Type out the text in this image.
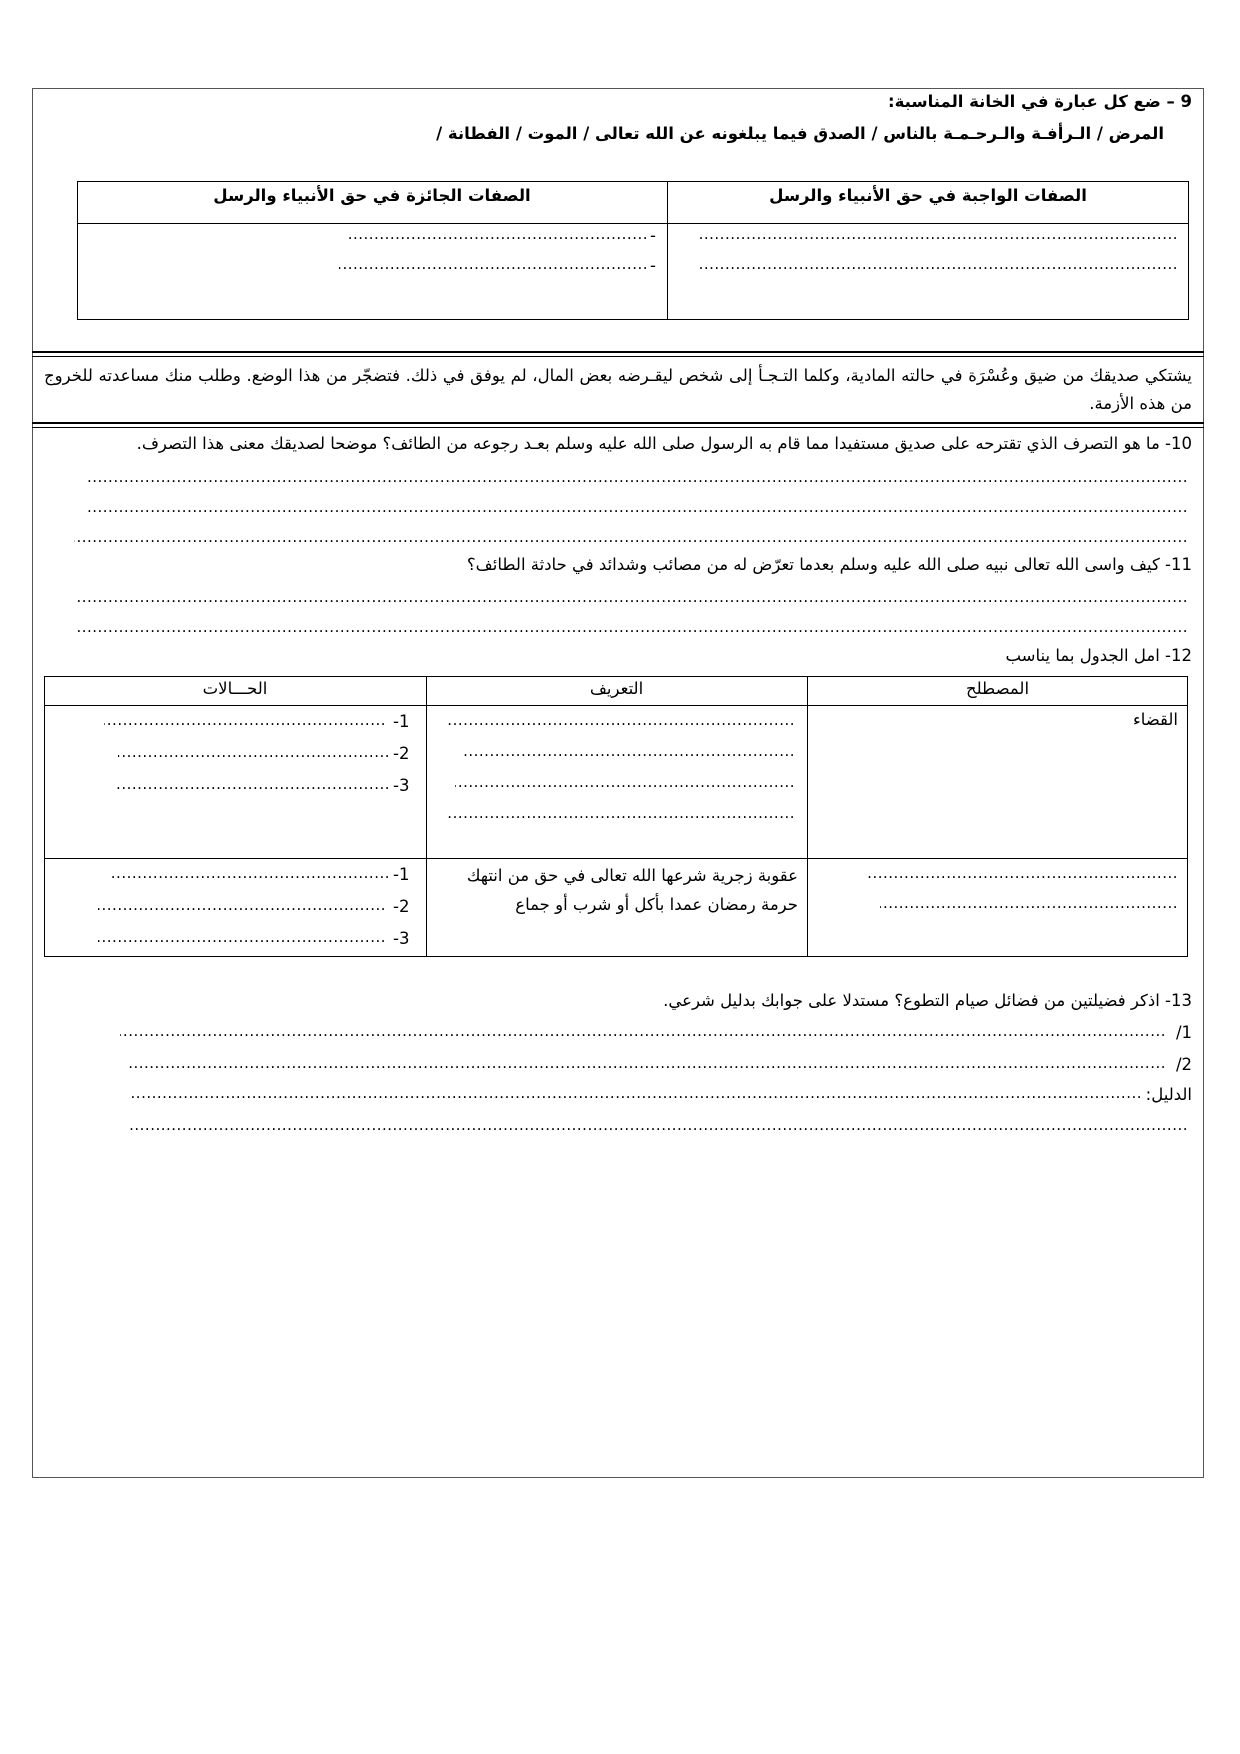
9 – ضع كل عبارة في الخانة المناسبة:
المرض / الـرأفـة والـرحـمـة بالناس / الصدق فيما يبلغونه عن الله تعالى / الموت / الفطانة /
الصفات الواجبة في حق الأنبياء والرسل
الصفات الجائزة في حق الأنبياء والرسل
.....
.....
-
.....
-
.....
يشتكي صديقك من ضيق وعُسْرَة في حالته المادية، وكلما التـجـأ إلى شخص ليقـرضه بعض المال، لم يوفق في ذلك. فتضجّر من هذا الوضع. وطلب منك مساعدته للخروج من هذه الأزمة.
10- ما هو التصرف الذي تقترحه على صديق مستفيدا مما قام به الرسول صلى الله عليه وسلم بعـد رجوعه من الطائف؟ موضحا لصديقك معنى هذا التصرف.
.....
.....
.....
11- كيف واسى الله تعالى نبيه صلى الله عليه وسلم بعدما تعرّض له من مصائب وشدائد في حادثة الطائف؟
.....
.....
12- امل الجدول بما يناسب
المصطلح
التعريف
الحـــالات
القضاء
.....
.....
.....
.....
1-
.....
2-
.....
3-
.....
.....
.....
عقوبة زجرية شرعها الله تعالى في حق من انتهك حرمة رمضان عمدا بأكل أو شرب أو جماع
1-
.....
2-
.....
3-
.....
13- اذكر فضيلتين من فضائل صيام التطوع؟ مستدلا على جوابك بدليل شرعي.
/1
.....
/2
.....
الدليل:
.....
.....
